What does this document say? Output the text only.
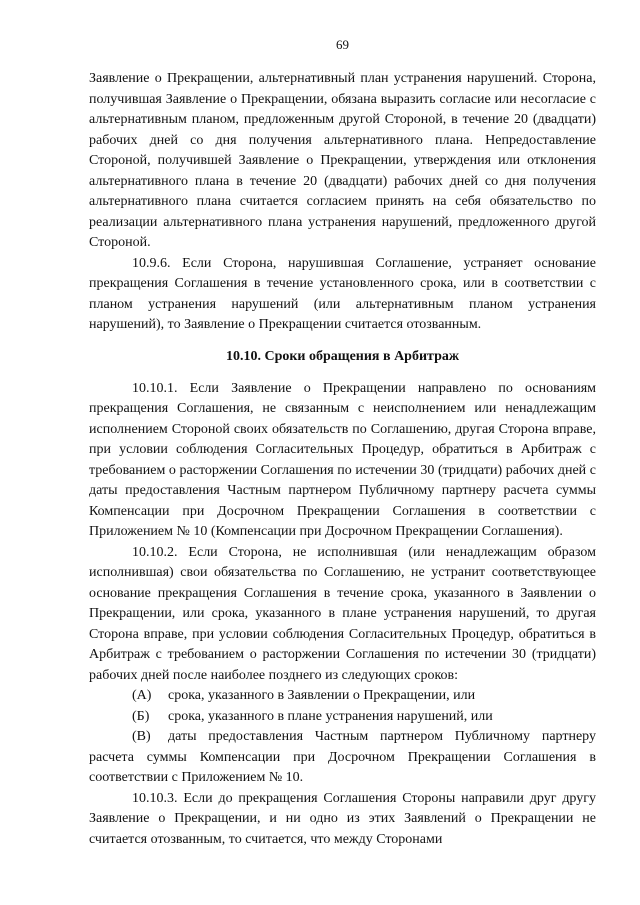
69

Заявление о Прекращении, альтернативный план устранения нарушений. Сторона, получившая Заявление о Прекращении, обязана выразить согласие или несогласие с альтернативным планом, предложенным другой Стороной, в течение 20 (двадцати) рабочих дней со дня получения альтернативного плана. Непредоставление Стороной, получившей Заявление о Прекращении, утверждения или отклонения альтернативного плана в течение 20 (двадцати) рабочих дней со дня получения альтернативного плана считается согласием принять на себя обязательство по реализации альтернативного плана устранения нарушений, предложенного другой Стороной.

10.9.6. Если Сторона, нарушившая Соглашение, устраняет основание прекращения Соглашения в течение установленного срока, или в соответствии с планом устранения нарушений (или альтернативным планом устранения нарушений), то Заявление о Прекращении считается отозванным.

10.10. Сроки обращения в Арбитраж

10.10.1. Если Заявление о Прекращении направлено по основаниям прекращения Соглашения, не связанным с неисполнением или ненадлежащим исполнением Стороной своих обязательств по Соглашению, другая Сторона вправе, при условии соблюдения Согласительных Процедур, обратиться в Арбитраж с требованием о расторжении Соглашения по истечении 30 (тридцати) рабочих дней с даты предоставления Частным партнером Публичному партнеру расчета суммы Компенсации при Досрочном Прекращении Соглашения в соответствии с Приложением № 10 (Компенсации при Досрочном Прекращении Соглашения).

10.10.2. Если Сторона, не исполнившая (или ненадлежащим образом исполнившая) свои обязательства по Соглашению, не устранит соответствующее основание прекращения Соглашения в течение срока, указанного в Заявлении о Прекращении, или срока, указанного в плане устранения нарушений, то другая Сторона вправе, при условии соблюдения Согласительных Процедур, обратиться в Арбитраж с требованием о расторжении Соглашения по истечении 30 (тридцати) рабочих дней после наиболее позднего из следующих сроков:

(А)	срока, указанного в Заявлении о Прекращении, или
(Б)	срока, указанного в плане устранения нарушений, или
(В) даты предоставления Частным партнером Публичному партнеру расчета суммы Компенсации при Досрочном Прекращении Соглашения в соответствии с Приложением № 10.

10.10.3. Если до прекращения Соглашения Стороны направили друг другу Заявление о Прекращении, и ни одно из этих Заявлений о Прекращении не считается отозванным, то считается, что между Сторонами
